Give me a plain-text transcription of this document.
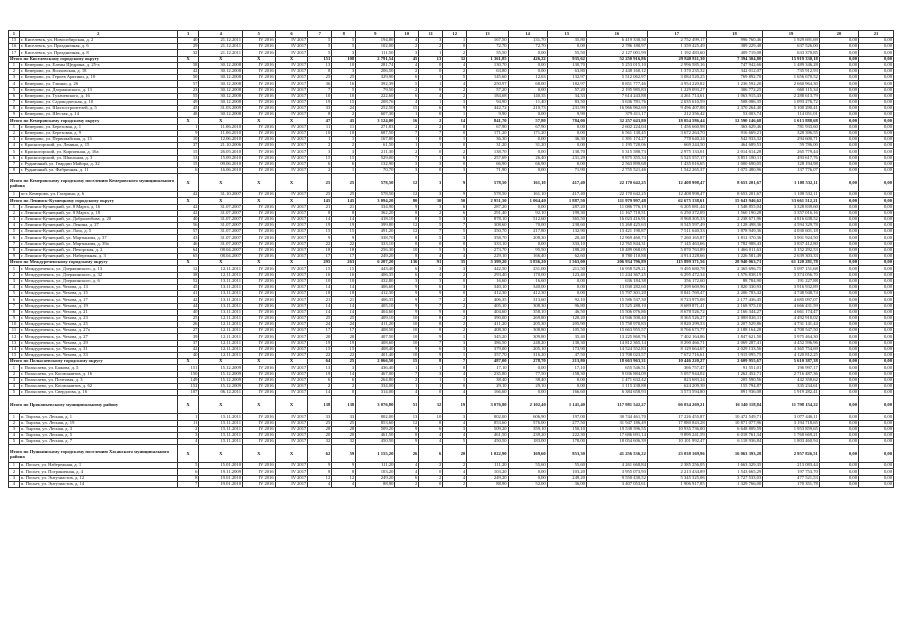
1	2	3	4	5	6	7	8	9	10	11	12	13	14	15	16	17	18	19	20	21
15	г. Киселевск, ул. Новосибирская, д. 2	40	21.12.2011	IV 2016	IV 2017	5	5	194,80	4	3	1	167,50	131,70	35,80	6 419 330,50	2 752 499,17	996 760,46	1 929 691,69	0,00	0,00
16	г. Киселевск, ул. Праздничная, д. 6	29	21.12.2011	IV 2016	IV 2017	5	5	102,00	2	2	0	72,70	72,70	0,00	2 786 180,97	1 359 425,49	389 229,48	637 526,00	0,00	0,00
17	г. Киселевск, ул. Праздничная, д. 8	32	21.12.2011	IV 2016	IV 2017	5	3	111,50	3	1	2	55,50	0,00	55,50	2 127 001,99	1 192 483,60	409 719,08	633 370,85	0,00	0,00
Итого по Киселевскому городскому округу		X	X	X	X	151	108	2 791,54	45	13	32	1 361,85	426,22	935,62	52 250 916,86	29 840 811,30	7 394 304,80	15 919 330,18	0,00	0,00
1	г. Кемерово, ул. Елены Щедрина, д. 25-а	58	30.12.2008	IV 2016	IV 2017	13	10	281,74	4	0	4	130,70	0,00	130,70	5 253 015,10	2 996 585,16	747 942,66	1 489 346,28	0,00	0,00
2	г. Кемерово, ул. Волховская, д. 18	42	30.12.2008	IV 2016	IV 2017	8	3	206,50	2	0	2	63,80	0,00	63,80	2 448 160,12	1 370 235,32	342 012,07	735 912,93	0,00	0,00
3	г. Кемерово, ул. Героев Арктики, д. 10	50	30.12.2008	IV 2016	IV 2017	25	25	329,90	6	1	5	145,60	12,63	132,97	5 512 062,97	3 084 520,25	769 892,70	1 656 670,52	0,00	0,00
4	г. Кемерово, ул. Глинки, д. 26	57	30.12.2008	IV 2016	IV 2017	36	16	392,39	5	1	4	250,97	68,00	182,97	8 851 777,46	4 954 220,82	1 236 592,20	2 660 964,30	0,00	0,00
5	г. Кемерово, ул. Дзержинского, д. 13	23	30.12.2008	IV 2016	IV 2017	7	5	79,50	2	0	2	57,20	0,00	57,20	2 195 985,83	1 229 093,27	306 772,25	660 115,34	0,00	0,00
6	г. Кемерово, ул. Тухачевского, д. 16	55	30.12.2008	IV 2016	IV 2017	10	10	222,60	6	4	2	184,68	140,35	34,33	7 614 243,88	4 261 714,61	1 063 915,43	2 288 613,79	0,00	0,00
7	г. Кемерово, ул. Садоводческая, д. 10	49	30.12.2008	IV 2016	IV 2017	19	15	208,76	4	1	3	94,90	11,40	83,50	3 636 781,76	2 035 610,59	508 086,35	1 093 276,72	0,00	0,00
8	г. Кемерово, ул. Шахтостроителей, д. 5	45	31.03.2009	IV 2016	IV 2017	33	24	252,50	15	6	9	442,72	210,73	231,99	16 966 962,69	9 496 407,88	2 370 264,40	5 100 290,41	0,00	0,00
9	г. Кемерово, ул. Шестая, д. 14	48	30.12.2008	IV 2016	IV 2017	8	2	607,30	1	0	1	9,90	0,00	9,90	379 411,17	212 356,42	53 003,74	114 051,01	0,00	0,00
Итого по Кемеровскому городскому округу		X	X	X	X	47	45	3 124,00	16	2	14	841,70	57,80	784,00	32 257 643,80	18 054 586,44	12 590 146,68	1 613 888,68	0,00	0,00
1	г. Кемерово, ул. Березовая, д. 1	1	11.06.2010	IV 2016	IV 2017	11	11	271,83	2	2	0	67,90	67,90	0,00	2 602 224,04	1 456 660,98	363 629,46	781 933,60	0,00	0,00
2	г. Кемерово, ул. Березовая, д. 9	9	11.06.2010	IV 2016	IV 2017	10	10	687,50	7	7	0	171,20	171,20	0,00	6 561 130,45	3 672 264,70	916 669,21	328 396,55	0,00	0,00
3	г. Кемерово, ул. Первомайская, д. 13	10	12.06.2010	IV 2016	IV 2017	1	1	167,80	1	0	1	36,30	0,00	36,30	1 391 174,27	778 640,24	542 933,32	294 600,71	0,00	0,00
4	г. Красногорский, ул. Ленина, д. 15	37	21.10.2006	IV 2016	IV 2017	2	2	61,50	1	1	0	31,20	31,20	0,00	1 195 720,06	669 244,50	464 689,53	59 786,00	0,00	0,00
5	г. Красногорский, ул. Кирпичная, д. 16а	15	26.05.2010	IV 2016	IV 2017	3	3	211,30	2	0	2	138,70	0,00	138,70	5 315 588,73	2 975 133,01	2 014 614,28	265 779,44	0,00	0,00
6	г. Красногорский, ул. Школьная, д. 3	13	15.09.2010	IV 2016	IV 2017	15	15	529,00	7	1	6	257,69	26,40	231,29	9 875 355,34	5 525 557,17	3 851 180,11	493 617,76	0,00	0,00
7	г. Рудничный, ул. Гвардии Майора, д. 32	15	09.06.2010	IV 2016	IV 2017	6	6	132,90	3	3	0	66,90	66,90	0,00	2 563 899,68	1 435 016,65	1 000 690,05	128 194,98	0,00	0,00
8	г. Рудничный, ул. Фабричная, д. 11	6	16.06.2010	IV 2016	IV 2017	2	1	70,70	3	0	3	71,90	0,00	71,90	2 755 521,46	1 542 265,37	1 075 480,96	137 776,07	0,00	0,00
Итого по Кемеровскому городскому поселению Кемеровского муниципального района		X	X	X	X	25	25	578,50	12	3	9	578,50	161,10	417,40	22 170 642,25	12 408 998,47	8 653 201,67	1 108 532,11	0,00	0,00
1	пгт. Кемерово, ул. Гагарина, д. 6	42	31.10.2007	IV 2016	IV 2017	25	25	578,50	12	3	9	578,50	161,10	417,40	22 170 642,25	12 408 998,47	8 653 201,67	1 108 532,11	0,00	0,00
Итого по Ленинск-Кузнецкому городскому округу		X	X	X	X	145	145	3 094,20	80	30	50	2 951,50	1 064,40	1 887,50	111 979 997,48	62 675 138,61	15 643 946,62	33 661 512,21	0,00	0,00
1	г. Ленинск-Кузнецкий, ул. 8 Марта, д. 16	42	31.07.2007	IV 2016	IV 2017	21	21	334,90	9	3	6	287,20	0,00	287,20	11 086 776,19	6 205 081,44	1 548 855,04	3 328 839,60	0,00	0,00
2	г. Ленинск-Кузнецкий, ул. 8 Марта, д. 18	42	31.07.2007	IV 2016	IV 2017	8	8	362,20	8	2	6	291,40	92,10	199,30	11 167 718,51	6 250 372,09	1 560 190,28	3 357 016,16	0,00	0,00
3	г. Ленинск-Кузнецкий, ул. Добролюбова, д. 20	40	31.07.2007	IV 2016	IV 2017	14	14	418,10	8	5	3	878,10	512,60	365,50	16 023 416,91	8 968 305,33	2 238 671,96	4 816 638,52	0,00	0,00
4	г. Ленинск-Кузнецкий, ул. Ленина, д. 27	56	31.07.2007	IV 2016	IV 2017	19	19	399,80	12	5	7	308,60	70,00	238,60	15 268 425,63	8 545 597,49	2 128 498,36	4 594 329,78	0,00	0,00
5	г. Ленинск-Кузнецкий, ул. Лазо, д. 5	57	31.07.2007	IV 2016	IV 2017	15	15	491,20	12	7	5	350,70	217,80	132,90	13 421 190,87	7 511 640,33	1 878 949,36	4 030 601,18	0,00	0,00
6	г. Ленинск-Кузнецкий, ул. Мартынова, д. 37	43	31.07.2007	IV 2016	IV 2017	9	9	338,70	8	5	3	358,70	208,30	20,40	12 969 460,73	7 260 165,87	1 812 370,36	3 901 924,50	0,00	0,00
7	г. Ленинск-Кузнецкий, ул. Мартынова, д. 39а	46	31.07.2007	IV 2016	IV 2017	22	22	333,10	8	0	8	333,10	0,00	333,10	12 765 844,31	7 145 463,66	1 782 988,43	3 837 412,80	0,00	0,00
8	г. Ленинск-Кузнецкий, ул. Печорская, д. 2	64	08.04.2007	IV 2016	IV 2017	18	18	256,30	10	5	5	273,70	95,50	188,20	10 489 068,05	5 870 763,89	1 466 011,63	3 152 292,53	0,00	0,00
9	г. Ленинск-Кузнецкий, ул. Набережная, д. 3	65	08.04.2007	IV 2016	IV 2017	17	17	249,20	8	4	4	229,10	166,40	62,60	8 780 110,88	4 914 228,66	1 226 581,49	2 639 303,33	0,00	0,00
Итого по Междуреченскому городскому округу		X	X	X	X	295	263	6 207,20	136	91	35	5 399,20	3 836,20	1 563,00	206 934 796,89	115 899 371,56	28 940 063,71	61 120 281,78	0,00	0,00
1	г. Междуреченск, ул. Дзержинского, д. 13	12	12.11.2011	IV 2016	IV 2017	15	15	443,40	6	3	3	442,50	231,00	211,50	16 958 529,21	9 495 680,78	2 365 696,75	5 097 151,68	0,00	0,00
2	г. Междуреченск, ул. Дзержинского, д. 32	38	12.11.2011	IV 2016	IV 2017	16	16	406,35	6	4	2	293,40	170,00	123,40	11 244 367,25	6 295 472,34	1 576 838,19	3 374 056,70	0,00	0,00
3	г. Междуреченск, ул. Дзержинского, д. 6	52	13.11.2011	IV 2016	IV 2017	10	10	432,80	3	3	0	16,60	16,60	0,00	636 184,38	356 172,60	88 784,90	191 227,88	0,00	0,00
4	г. Междуреченск, ул. Чехова, д. 13	45	13.11.2011	IV 2016	IV 2017	14	14	406,60	9	6	3	340,10	340,00	0,00	13 030 282,60	7 299 669,96	1 820 330,93	3 916 932,89	0,00	0,00
5	г. Междуреченск, ул. Чехова, д. 15	41	13.11.2011	IV 2016	IV 2017	18	18	412,30	9	9	0	412,30	412,30	0,00	15 797 301,20	8 841 769,47	2 206 783,42	4 748 948,74	0,00	0,00
6	г. Междуреченск, ул. Чехова, д. 17	42	13.11.2011	IV 2016	IV 2017	21	21	406,35	9	7	2	406,35	313,60	92,10	15 586 537,30	8 723 975,08	2 177 436,45	4 685 097,07	0,00	0,00
7	г. Междуреченск, ул. Чехова, д. 19	44	13.11.2011	IV 2016	IV 2017	14	14	405,10	9	7	2	405,10	308,30	96,80	15 525 288,10	8 689 871,41	2 168 975,10	4 666 431,59	0,00	0,00
8	г. Междуреченск, ул. Чехова, д. 21	40	13.11.2011	IV 2016	IV 2017	14	14	404,60	9	9	0	404,60	358,10	46,50	15 506 076,86	8 678 526,72	2 166 344,27	4 661 174,47	0,00	0,00
9	г. Междуреченск, ул. Чехова, д. 23	25	12.11.2011	IV 2016	IV 2017	25	25	409,10	10	8	2	390,00	269,80	120,20	14 946 500,40	8 365 526,27	2 088 026,11	4 492 918,02	0,00	0,00
10	г. Междуреченск, ул. Чехова, д. 25	26	12.11.2011	IV 2016	IV 2017	24	24	411,20	10	8	2	411,20	205,30	205,90	15 758 970,83	8 820 299,33	2 207 529,86	4 731 141,44	0,00	0,00
11	г. Междуреченск, ул. Чехова, д. 27а	27	12.11.2011	IV 2016	IV 2017	17	17	408,50	10	8	2	408,30	308,80	105,50	15 663 955,57	8 766 673,77	2 188 164,28	4 708 547,50	0,00	0,00
12	г. Междуреченск, ул. Чехова, д. 27	39	12.11.2011	IV 2016	IV 2017	20	20	407,50	10	9	1	345,20	309,80	35,40	13 225 860,76	7 402 164,86	1 847 621,50	3 975 464,30	0,00	0,00
13	г. Междуреченск, ул. Чехова, д. 29	37	12.11.2011	IV 2016	IV 2017	19	19	408,60	10	7	3	386,50	248,20	138,30	14 812 365,14	8 290 466,71	2 069 287,41	4 452 596,96	0,00	0,00
14	г. Междуреченск, ул. Чехова, д. 31	42	12.11.2011	IV 2016	IV 2017	15	15	408,40	9	6	3	379,00	205,10	173,90	14 524 552,83	8 129 664,67	2 029 133,56	4 365 754,69	0,00	0,00
15	г. Междуреченск, ул. Чехова, д. 33	40	12.11.2011	IV 2016	IV 2017	22	22	401,40	10	9	1	357,70	316,20	47,50	13 708 023,57	7 672 716,61	1 915 095,75	4 120 812,25	0,00	0,00
Итого по Полысаевскому городскому округу		X	X	X	X	64	25	2 066,50	15	8	7	487,00	278,70	213,80	18 663 963,31	10 446 220,27	2 609 955,67	5 610 387,38	0,00	0,00
1	г. Полысаево, ул. Бажова, д. 5	151	15.12.2009	IV 2016	IV 2017	13	3	436,40	1	1	0	17,10	0,00	17,10	655 546,51	366 757,47	91 551,01	196 997,17	0,00	0,00
2	г. Полысаево, ул. Космонавтов, д. 16	150	15.12.2009	IV 2016	IV 2017	19	14	467,00	7	3	4	235,80	77,50	158,30	9 036 884,09	5 057 944,02	1 262 452,71	2 716 487,36	0,00	0,00
3	г. Полысаево, ул. Почтовая, д. 3	149	15.12.2009	IV 2016	IV 2017	6	6	264,80	2	1	1	38,40	38,40	0,00	1 471 632,42	823 683,24	205 590,56	442 358,62	0,00	0,00
4	г. Полысаево, ул. Космонавтов, д. 62	152	15.12.2009	IV 2016	IV 2017	2	2	334,00	1	1	0	29,10	29,10	0,00	1 115 238,88	624 209,39	155 794,87	335 234,61	0,00	0,00
5	г. Полысаево, ул. Свердлова, д. 16	107	06.12.2011	IV 2016	IV 2017	14	0	314,00	4	0	4	166,60	0,00	166,60	6 384 658,93	3 573 594,80	891 936,08	1 919 282,41	0,00	0,00
Итого по Прокопьевскому муниципальному району		X	X	X	X	138	138	3 076,80	51	32	19	3 076,80	2 102,40	1 141,40	117 981 542,27	66 034 269,21	16 140 118,84	11 798 154,22	0,00	0,00
1	п. Тырган, ул. Лесная, д. 1	1	15.11.2011	IV 2016	IV 2017	33	33	802,00	13	10	3	802,00	606,90	197,00	30 744 461,70	17 226 455,87	10 472 549,71	3 077 446,11	0,00	0,00
2	п. Тырган, ул. Лесная, д. 19	11	15.11.2011	IV 2016	IV 2017	25	25	853,60	12	8	4	853,60	576,00	277,50	31 947 186,49	17 880 843,28	10 871 077,96	3 194 718,65	0,00	0,00
3	п. Тырган, ул. Лесная, д. 3	2	15.11.2011	IV 2016	IV 2017	28	28	509,20	9	6	3	509,20	359,10	150,10	19 538 596,55	10 935 736,00	6 648 809,59	1 953 859,65	0,00	0,00
4	п. Тырган, ул. Лесная, д. 5	3	15.11.2011	IV 2016	IV 2017	20	20	461,50	8	4	4	461,50	239,20	222,30	17 686 691,14	9 899 241,59	6 018 761,34	1 768 669,21	0,00	0,00
5	п. Тырган, ул. Лесная, д. 7	4	15.11.2011	IV 2016	IV 2017	32	32	450,50	9	4	5	450,50	183,00	178,00	18 054 606,39	10 101 992,47	6 118 936,84	1 803 460,94	0,00	0,00
Итого по Пушкинскому городскому поселению Хасанского муниципального района		X	X	X	X	62	59	1 155,20	26	6	20	1 022,90	169,60	853,30	41 256 536,22	23 038 169,96	16 063 393,28	2 957 826,51	0,00	0,00
1	п. Посьет, ул. Набережная, д. 1	5	15.01.2010	IV 2016	IV 2017	9	9	111,20	4	2	2	111,20	55,60	55,60	4 261 668,84	2 385 256,05	1 663 329,35	213 083,44	0,00	0,00
2	п. Посьет, ул. Пограничная, д. 4	6	19.11.2009	IV 2016	IV 2017	8	8	103,20	4	0	4	103,20	0,00	103,20	3 955 073,93	2 213 434,89	1 543 665,29	197 753,70	0,00	0,00
3	п. Посьет, ул. Энтузиастов, д. 12	8	19.01.2010	IV 2016	IV 2017	12	12	249,20	6	2	4	249,20	0,00	249,20	9 550 430,52	5 345 325,06	3 727 533,03	477 521,53	0,00	0,00
4	п. Посьет, ул. Энтузиастов, д. 14	7	19.01.2010	IV 2016	IV 2017	4	4	88,90	2	0	2	88,90	52,00	36,00	3 407 053,61	1 906 917,85	1 329 766,00	170 351,78	0,00	0,00
